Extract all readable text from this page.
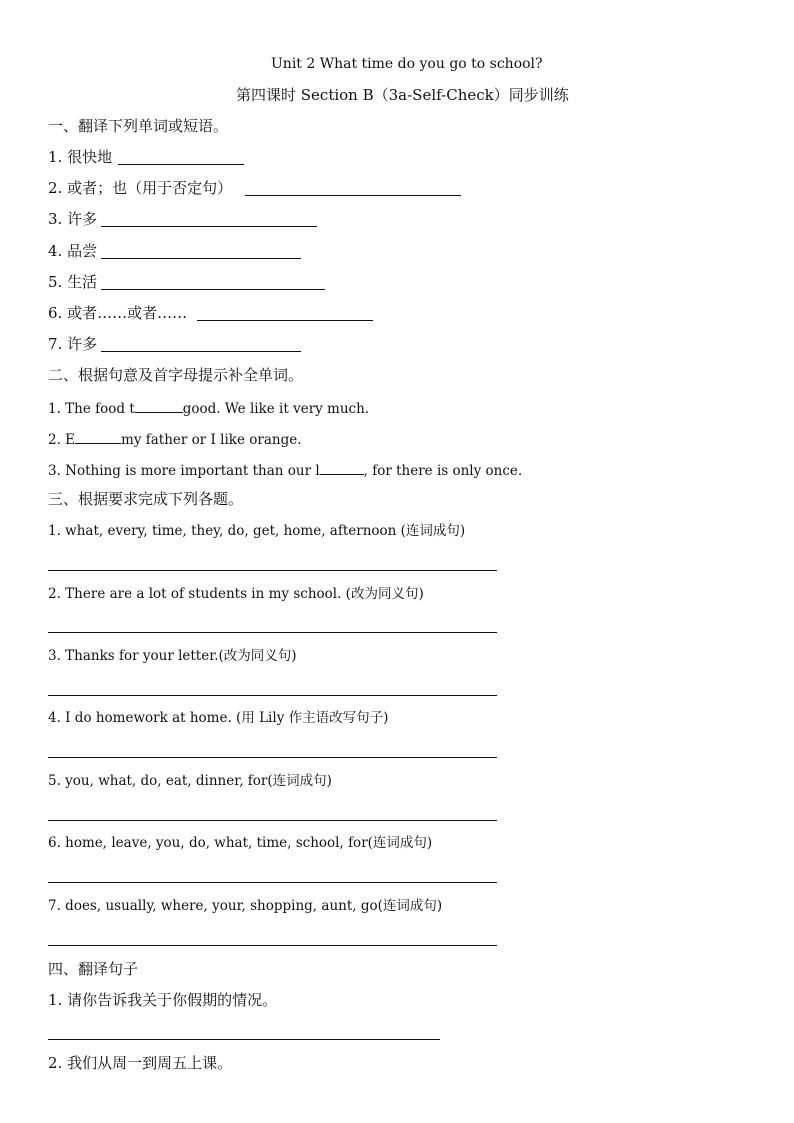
Unit 2 What time do you go to school?
第四课时 Section B（3a-Self-Check）同步训练
一、翻译下列单词或短语。
1. 很快地
2. 或者；也（用于否定句）
3. 许多
4. 品尝
5. 生活
6. 或者……或者……
7. 许多
二、根据句意及首字母提示补全单词。
1. The food t	good. We like it very much.
2. E	my father or I like orange.
3. Nothing is more important than our l	, for there is only once.
三、根据要求完成下列各题。
1. what, every, time, they, do, get, home, afternoon (连词成句)
2. There are a lot of students in my school. (改为同义句)
3. Thanks for your letter.(改为同义句)
4. I do homework at home. (用 Lily 作主语改写句子)
5. you, what, do, eat, dinner, for(连词成句)
6. home, leave, you, do, what, time, school, for(连词成句)
7. does, usually, where, your, shopping, aunt, go(连词成句)
四、翻译句子
1. 请你告诉我关于你假期的情况。
2. 我们从周一到周五上课。
